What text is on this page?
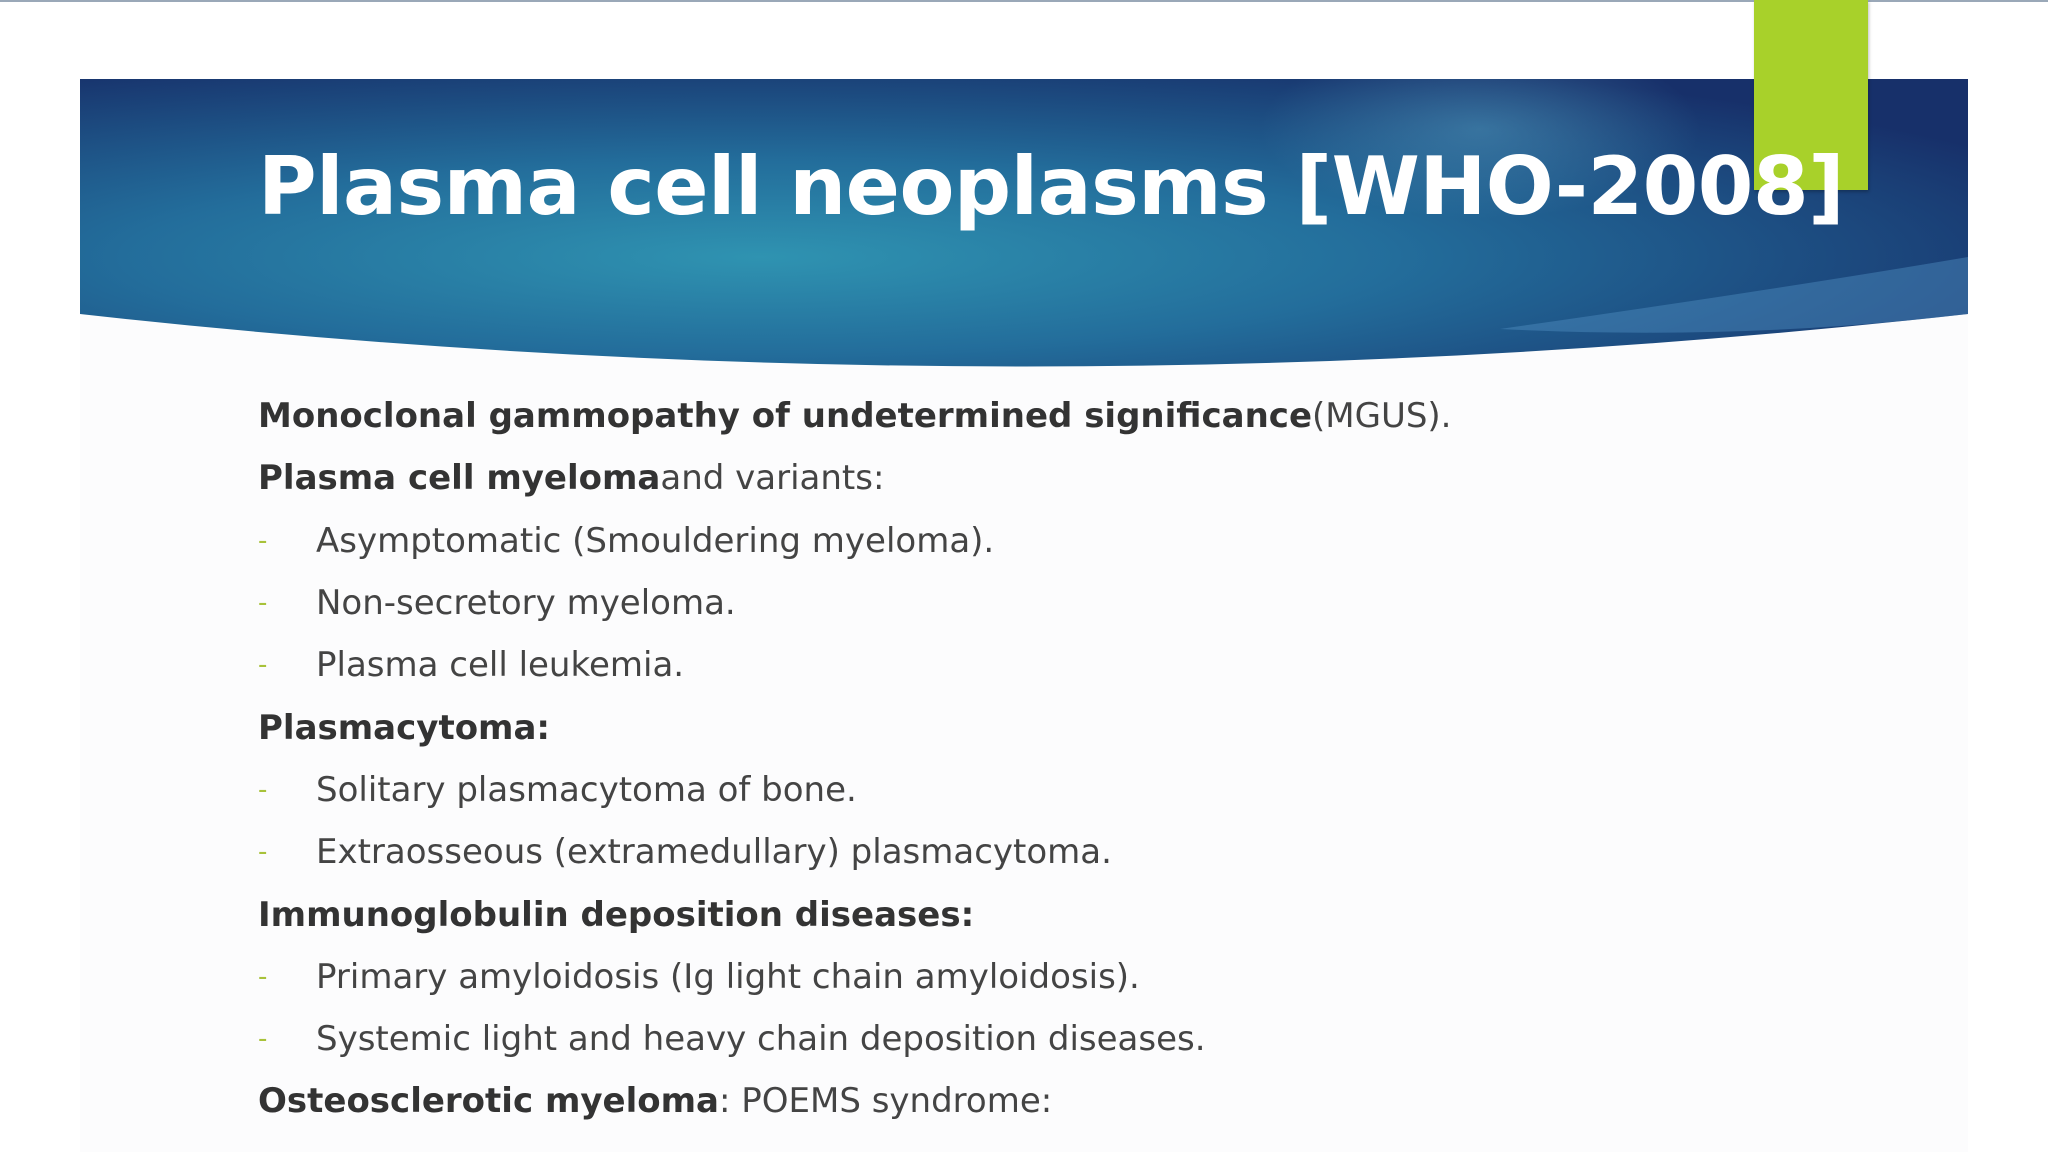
Plasma cell neoplasms [WHO-2008]
Monoclonal gammopathy of undetermined significance (MGUS).
Plasma cell myeloma and variants:
-	Asymptomatic (Smouldering myeloma).
-	Non-secretory myeloma.
-	Plasma cell leukemia.
Plasmacytoma:
-	Solitary plasmacytoma of bone.
-	Extraosseous (extramedullary) plasmacytoma.
Immunoglobulin deposition diseases:
-	Primary amyloidosis (Ig light chain amyloidosis).
-	Systemic light and heavy chain deposition diseases.
Osteosclerotic myeloma : POEMS syndrome:
